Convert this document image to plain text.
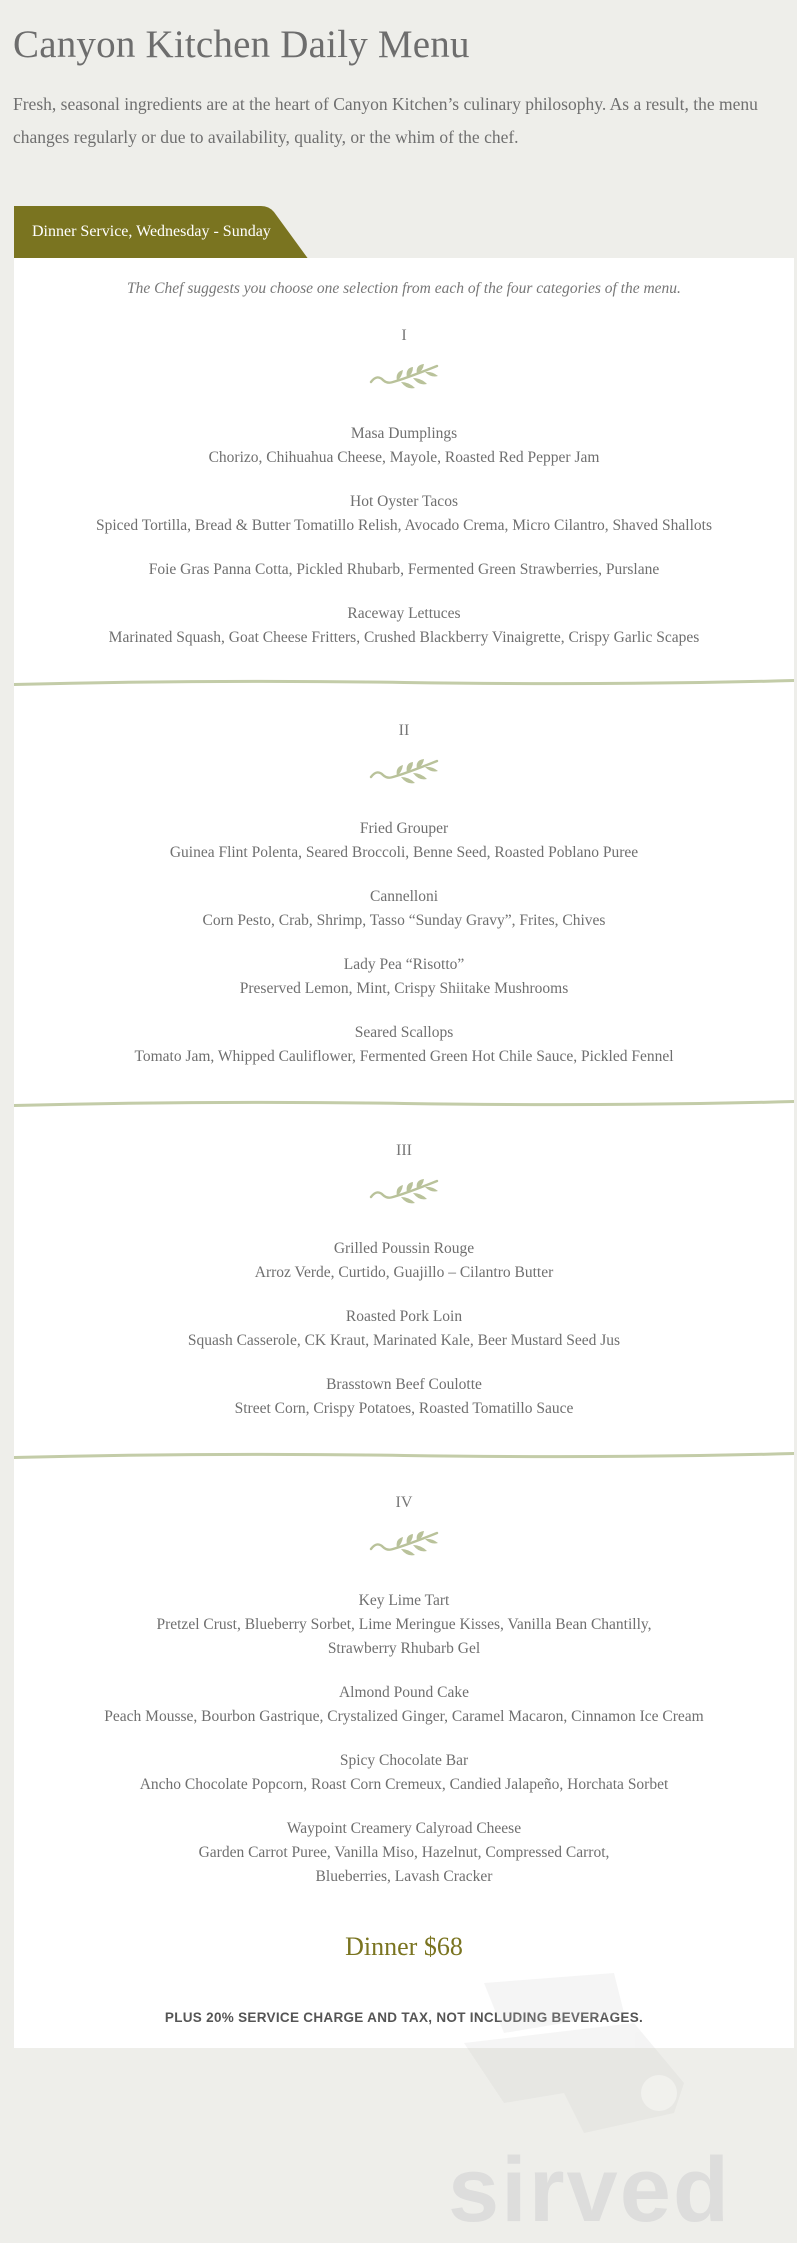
Canyon Kitchen Daily Menu

Fresh, seasonal ingredients are at the heart of Canyon Kitchen’s culinary philosophy. As a result, the menu changes regularly or due to availability, quality, or the whim of the chef.

Dinner Service, Wednesday - Sunday

The Chef suggests you choose one selection from each of the four categories of the menu.

I
Masa Dumplings
Chorizo, Chihuahua Cheese, Mayole, Roasted Red Pepper Jam
Hot Oyster Tacos
Spiced Tortilla, Bread & Butter Tomatillo Relish, Avocado Crema, Micro Cilantro, Shaved Shallots
Foie Gras Panna Cotta, Pickled Rhubarb, Fermented Green Strawberries, Purslane
Raceway Lettuces
Marinated Squash, Goat Cheese Fritters, Crushed Blackberry Vinaigrette, Crispy Garlic Scapes
II
Fried Grouper
Guinea Flint Polenta, Seared Broccoli, Benne Seed, Roasted Poblano Puree
Cannelloni
Corn Pesto, Crab, Shrimp, Tasso “Sunday Gravy”, Frites, Chives
Lady Pea “Risotto”
Preserved Lemon, Mint, Crispy Shiitake Mushrooms
Seared Scallops
Tomato Jam, Whipped Cauliflower, Fermented Green Hot Chile Sauce, Pickled Fennel
III
Grilled Poussin Rouge
Arroz Verde, Curtido, Guajillo – Cilantro Butter
Roasted Pork Loin
Squash Casserole, CK Kraut, Marinated Kale, Beer Mustard Seed Jus
Brasstown Beef Coulotte
Street Corn, Crispy Potatoes, Roasted Tomatillo Sauce
IV
Key Lime Tart
Pretzel Crust, Blueberry Sorbet, Lime Meringue Kisses, Vanilla Bean Chantilly,
Strawberry Rhubarb Gel
Almond Pound Cake
Peach Mousse, Bourbon Gastrique, Crystalized Ginger, Caramel Macaron, Cinnamon Ice Cream
Spicy Chocolate Bar
Ancho Chocolate Popcorn, Roast Corn Cremeux, Candied Jalapeño, Horchata Sorbet
Waypoint Creamery Calyroad Cheese
Garden Carrot Puree, Vanilla Miso, Hazelnut, Compressed Carrot,
Blueberries, Lavash Cracker
Dinner $68
PLUS 20% SERVICE CHARGE AND TAX, NOT INCLUDING BEVERAGES.
sirved
